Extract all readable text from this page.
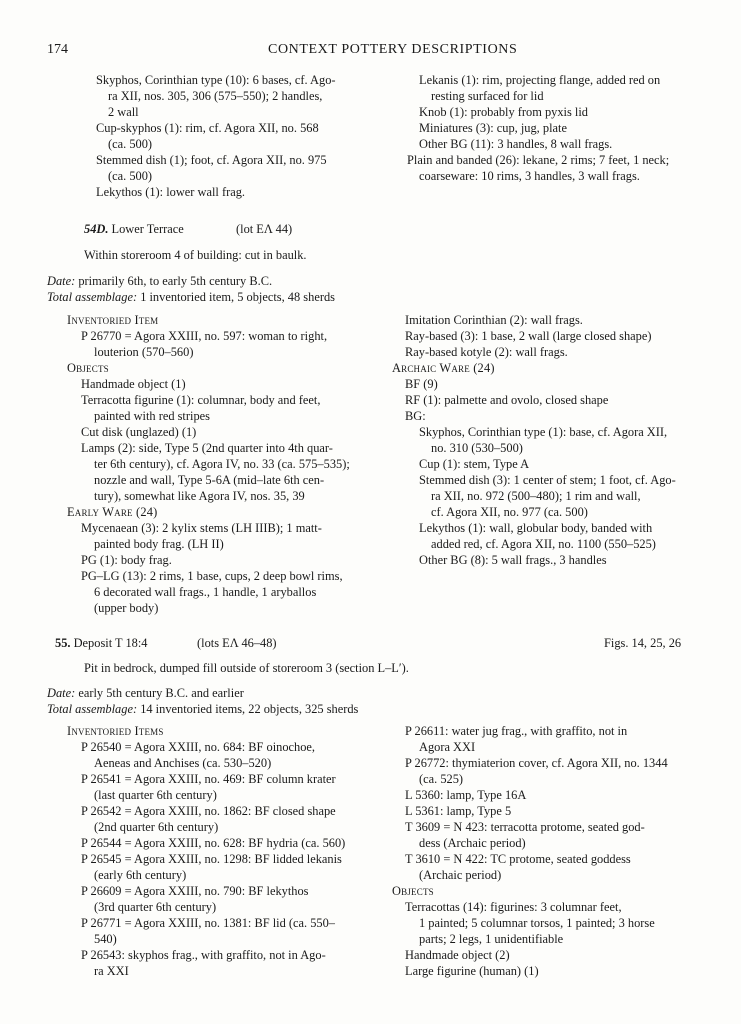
174	CONTEXT POTTERY DESCRIPTIONS
Skyphos, Corinthian type (10): 6 bases, cf. Ago-
ra XII, nos. 305, 306 (575–550); 2 handles,
2 wall
Cup-skyphos (1): rim, cf. Agora XII, no. 568
(ca. 500)
Stemmed dish (1); foot, cf. Agora XII, no. 975
(ca. 500)
Lekythos (1): lower wall frag.
Lekanis (1): rim, projecting flange, added red on
resting surfaced for lid
Knob (1): probably from pyxis lid
Miniatures (3): cup, jug, plate
Other BG (11): 3 handles, 8 wall frags.
Plain and banded (26): lekane, 2 rims; 7 feet, 1 neck;
coarseware: 10 rims, 3 handles, 3 wall frags.
54D. Lower Terrace	(lot ΕΛ 44)
Within storeroom 4 of building: cut in baulk.
Date: primarily 6th, to early 5th century B.C.
Total assemblage: 1 inventoried item, 5 objects, 48 sherds
Inventoried Item
P 26770 = Agora XXIII, no. 597: woman to right,
louterion (570–560)
Objects
Handmade object (1)
Terracotta figurine (1): columnar, body and feet,
painted with red stripes
Cut disk (unglazed) (1)
Lamps (2): side, Type 5 (2nd quarter into 4th quar-
ter 6th century), cf. Agora IV, no. 33 (ca. 575–535);
nozzle and wall, Type 5-6A (mid–late 6th cen-
tury), somewhat like Agora IV, nos. 35, 39
Early Ware (24)
Mycenaean (3): 2 kylix stems (LH IIIB); 1 matt-
painted body frag. (LH II)
PG (1): body frag.
PG–LG (13): 2 rims, 1 base, cups, 2 deep bowl rims,
6 decorated wall frags., 1 handle, 1 aryballos
(upper body)
Imitation Corinthian (2): wall frags.
Ray-based (3): 1 base, 2 wall (large closed shape)
Ray-based kotyle (2): wall frags.
Archaic Ware (24)
BF (9)
RF (1): palmette and ovolo, closed shape
BG:
Skyphos, Corinthian type (1): base, cf. Agora XII,
no. 310 (530–500)
Cup (1): stem, Type A
Stemmed dish (3): 1 center of stem; 1 foot, cf. Ago-
ra XII, no. 972 (500–480); 1 rim and wall,
cf. Agora XII, no. 977 (ca. 500)
Lekythos (1): wall, globular body, banded with
added red, cf. Agora XII, no. 1100 (550–525)
Other BG (8): 5 wall frags., 3 handles
55. Deposit T 18:4	(lots ΕΛ 46–48)	Figs. 14, 25, 26
Pit in bedrock, dumped fill outside of storeroom 3 (section L–L′).
Date: early 5th century B.C. and earlier
Total assemblage: 14 inventoried items, 22 objects, 325 sherds
Inventoried Items
P 26540 = Agora XXIII, no. 684: BF oinochoe,
Aeneas and Anchises (ca. 530–520)
P 26541 = Agora XXIII, no. 469: BF column krater
(last quarter 6th century)
P 26542 = Agora XXIII, no. 1862: BF closed shape
(2nd quarter 6th century)
P 26544 = Agora XXIII, no. 628: BF hydria (ca. 560)
P 26545 = Agora XXIII, no. 1298: BF lidded lekanis
(early 6th century)
P 26609 = Agora XXIII, no. 790: BF lekythos
(3rd quarter 6th century)
P 26771 = Agora XXIII, no. 1381: BF lid (ca. 550–
540)
P 26543: skyphos frag., with graffito, not in Ago-
ra XXI
P 26611: water jug frag., with graffito, not in
Agora XXI
P 26772: thymiaterion cover, cf. Agora XII, no. 1344
(ca. 525)
L 5360: lamp, Type 16A
L 5361: lamp, Type 5
T 3609 = N 423: terracotta protome, seated god-
dess (Archaic period)
T 3610 = N 422: TC protome, seated goddess
(Archaic period)
Objects
Terracottas (14): figurines: 3 columnar feet,
1 painted; 5 columnar torsos, 1 painted; 3 horse
parts; 2 legs, 1 unidentifiable
Handmade object (2)
Large figurine (human) (1)
